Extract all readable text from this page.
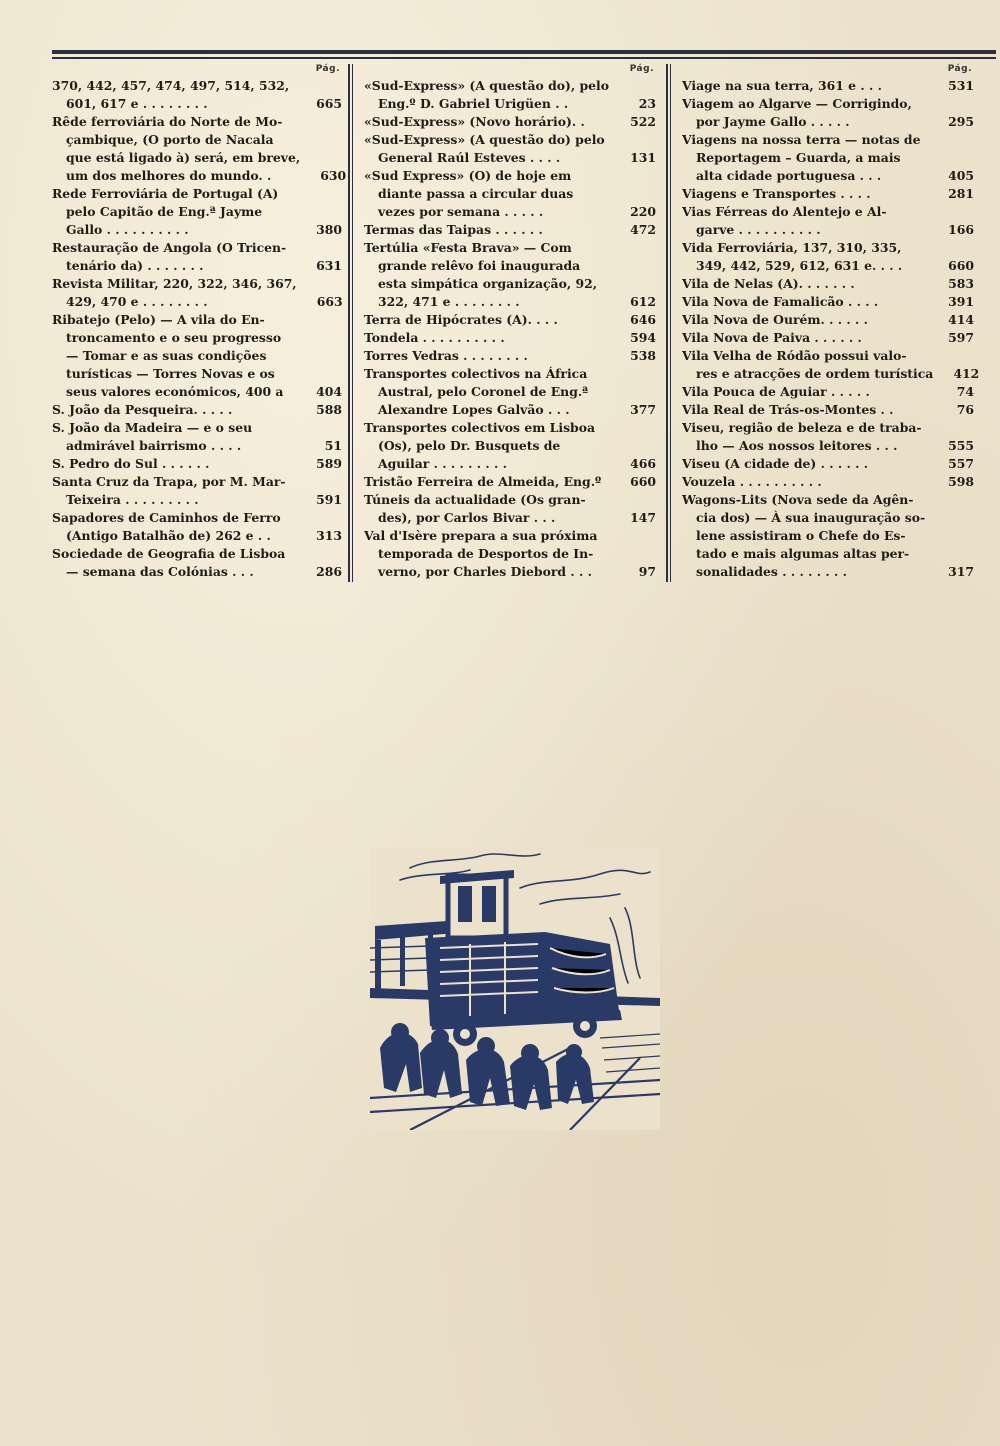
Pág.
370, 442, 457, 474, 497, 514, 532,
601, 617 e . . . . . . . .	665
Rêde ferroviária do Norte de Mo-
çambique, (O porto de Nacala
que está ligado à) será, em breve,
um dos melhores do mundo. .	630
Rede Ferroviária de Portugal (A)
pelo Capitão de Eng.ª Jayme
Gallo . . . . . . . . . .	380
Restauração de Angola (O Tricen-
tenário da) . . . . . . .	631
Revista Militar, 220, 322, 346, 367,
429, 470 e . . . . . . . .	663
Ribatejo (Pelo) — A vila do En-
troncamento e o seu progresso
— Tomar e as suas condições
turísticas — Torres Novas e os
seus valores económicos, 400 a	404
S. João da Pesqueira. . . . .	588
S. João da Madeira — e o seu
admirável bairrismo . . . .	51
S. Pedro do Sul . . . . . .	589
Santa Cruz da Trapa, por M. Mar-
Teixeira . . . . . . . . .	591
Sapadores de Caminhos de Ferro
(Antigo Batalhão de) 262 e . .	313
Sociedade de Geografia de Lisboa
— semana das Colónias . . .	286
Pág.
«Sud-Express» (A questão do), pelo
Eng.º D. Gabriel Urigüen . .	23
«Sud-Express» (Novo horário). .	522
«Sud-Express» (A questão do) pelo
General Raúl Esteves . . . .	131
«Sud Express» (O) de hoje em
diante passa a circular duas
vezes por semana . . . . .	220
Termas das Taipas . . . . . .	472
Tertúlia «Festa Brava» — Com
grande relêvo foi inaugurada
esta simpática organização, 92,
322, 471 e . . . . . . . .	612
Terra de Hipócrates (A). . . .	646
Tondela . . . . . . . . . .	594
Torres Vedras . . . . . . . .	538
Transportes colectivos na África
Austral, pelo Coronel de Eng.ª
Alexandre Lopes Galvão . . .	377
Transportes colectivos em Lisboa
(Os), pelo Dr. Busquets de
Aguilar . . . . . . . . .	466
Tristão Ferreira de Almeida, Eng.º	660
Túneis da actualidade (Os gran-
des), por Carlos Bivar . . .	147
Val d'Isère prepara a sua próxima
temporada de Desportos de In-
verno, por Charles Diebord . . .	97
Pág.
Viage na sua terra, 361 e . . .	531
Viagem ao Algarve — Corrigindo,
por Jayme Gallo . . . . .	295
Viagens na nossa terra — notas de
Reportagem – Guarda, a mais
alta cidade portuguesa . . .	405
Viagens e Transportes . . . .	281
Vias Férreas do Alentejo e Al-
garve . . . . . . . . . .	166
Vida Ferroviária, 137, 310, 335,
349, 442, 529, 612, 631 e. . . .	660
Vila de Nelas (A). . . . . . .	583
Vila Nova de Famalicão . . . .	391
Vila Nova de Ourém. . . . . .	414
Vila Nova de Paiva . . . . . .	597
Vila Velha de Ródão possui valo-
res e atracções de ordem turística	412
Vila Pouca de Aguiar . . . . .	74
Vila Real de Trás-os-Montes . .	76
Viseu, região de beleza e de traba-
lho — Aos nossos leitores . . .	555
Viseu (A cidade de) . . . . . .	557
Vouzela . . . . . . . . . .	598
Wagons-Lits (Nova sede da Agên-
cia dos) — À sua inauguração so-
lene assistiram o Chefe do Es-
tado e mais algumas altas per-
sonalidades . . . . . . . .	317
